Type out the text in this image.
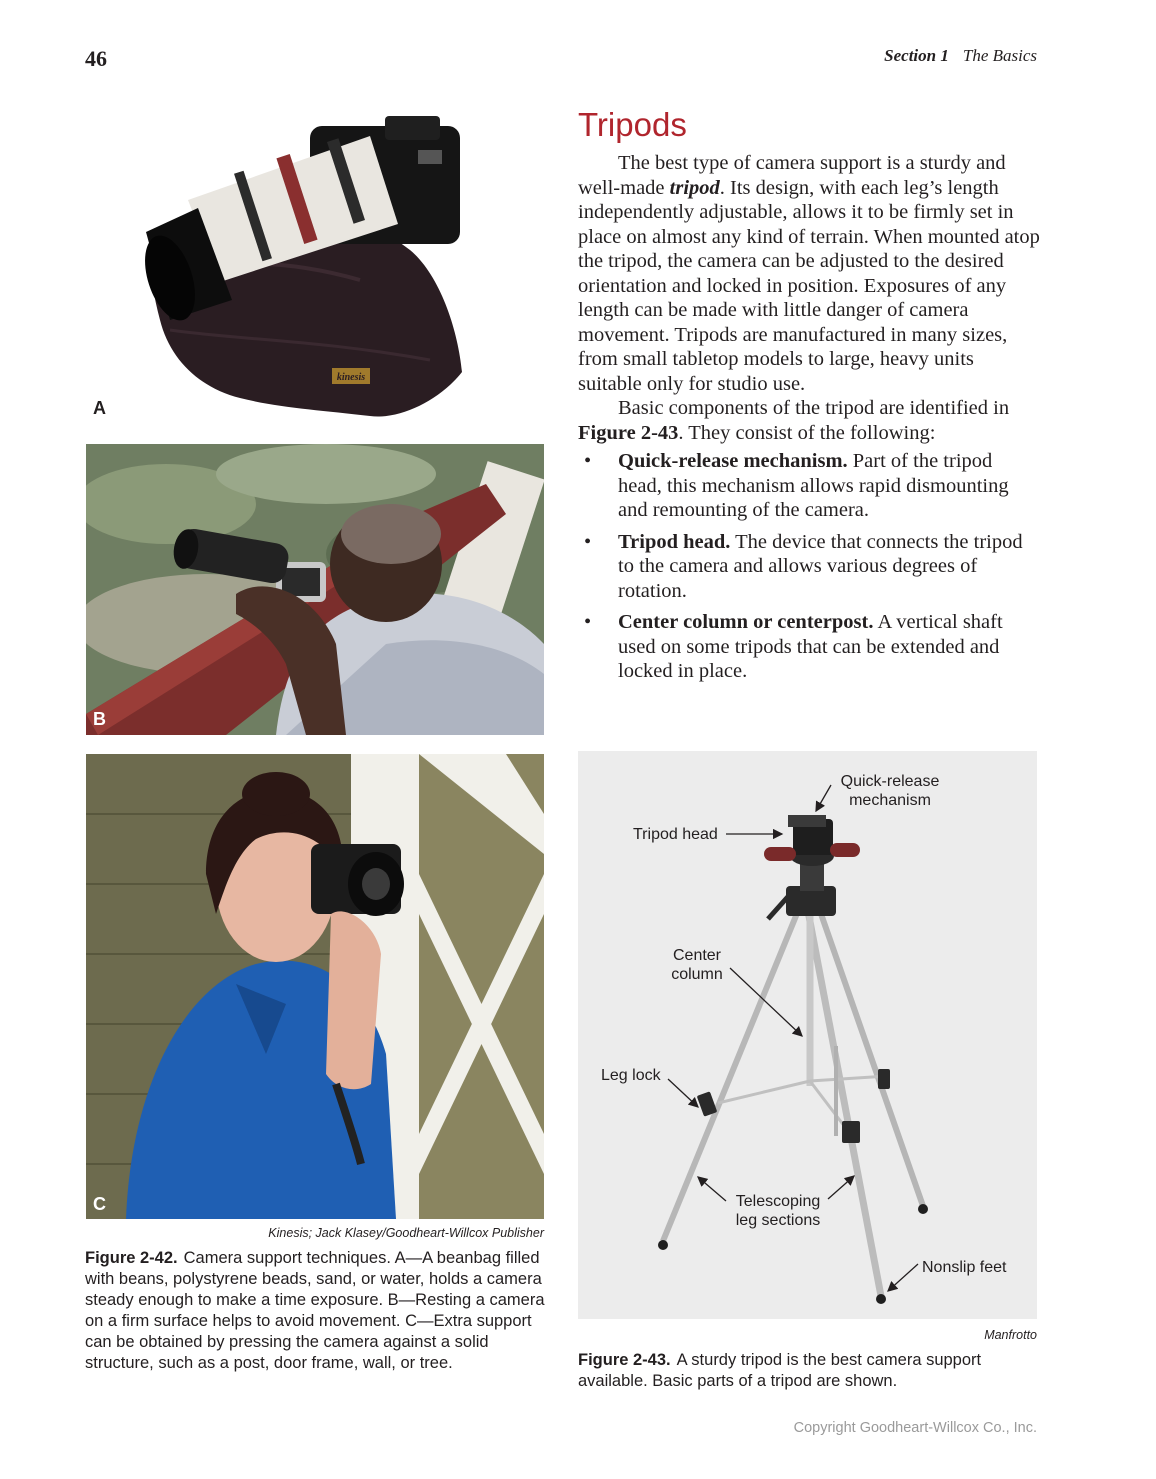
46	Section 1 The Basics
kinesis
A
B
C
Kinesis; Jack Klasey/Goodheart-Willcox Publisher
Figure 2-42. Camera support techniques. A—A beanbag filled with beans, polystyrene beads, sand, or water, holds a camera steady enough to make a time exposure. B—Resting a camera on a firm surface helps to avoid movement. C—Extra support can be obtained by pressing the camera against a solid structure, such as a post, door frame, wall, or tree.
Tripods

The best type of camera support is a sturdy and well-made tripod. Its design, with each leg’s length independently adjustable, allows it to be firmly set in place on almost any kind of terrain. When mounted atop the tripod, the camera can be adjusted to the desired orientation and locked in position. Exposures of any length can be made with little danger of camera movement. Tripods are manufactured in many sizes, from small tabletop models to large, heavy units suitable only for studio use.

Basic components of the tripod are identified in Figure 2-43. They consist of the following:

• Quick-release mechanism. Part of the tripod head, this mechanism allows rapid dismounting and remounting of the camera.
• Tripod head. The device that connects the tripod to the camera and allows various degrees of rotation.
• Center column or centerpost. A vertical shaft used on some tripods that can be extended and locked in place.
Quick-release
mechanism
Tripod head
Center
column
Leg lock
Telescoping
leg sections
Nonslip feet
Manfrotto
Figure 2-43. A sturdy tripod is the best camera support available. Basic parts of a tripod are shown.
Copyright Goodheart-Willcox Co., Inc.
